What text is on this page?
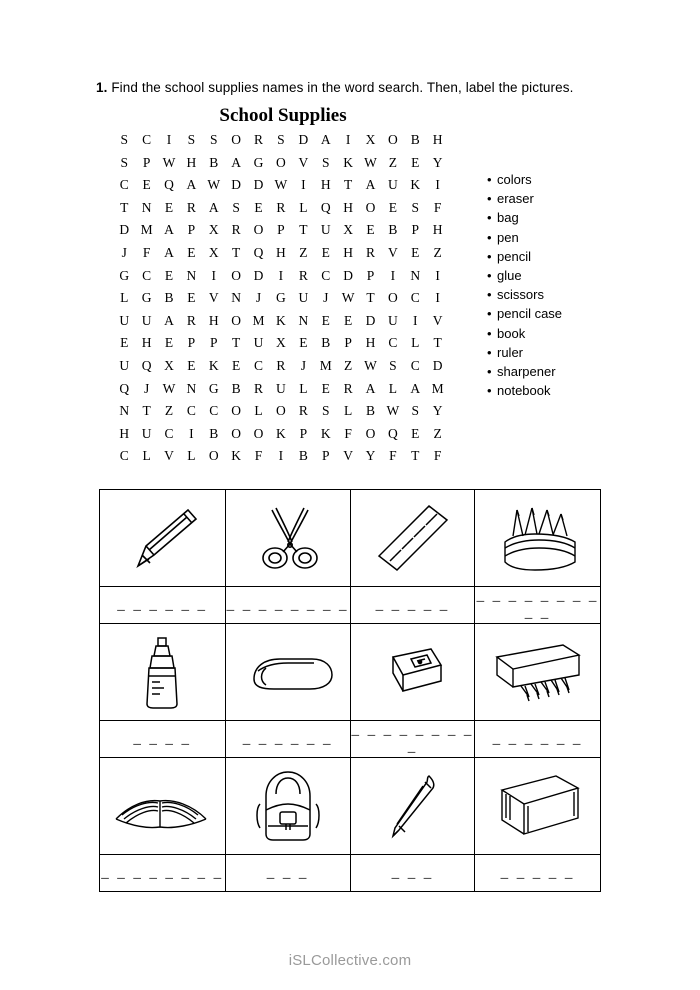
1. Find the school supplies names in the word search. Then, label the pictures.
School Supplies
S	C	I	S	S	O	R	S	D	A	I	X	O	B	H
S	P	W	H	B	A	G	O	V	S	K	W	Z	E	Y
C	E	Q	A	W	D	D	W	I	H	T	A	U	K	I
T	N	E	R	A	S	E	R	L	Q	H	O	E	S	F
D	M	A	P	X	R	O	P	T	U	X	E	B	P	H
J	F	A	E	X	T	Q	H	Z	E	H	R	V	E	Z
G	C	E	N	I	O	D	I	R	C	D	P	I	N	I
L	G	B	E	V	N	J	G	U	J	W	T	O	C	I
U	U	A	R	H	O	M	K	N	E	E	D	U	I	V
E	H	E	P	P	T	U	X	E	B	P	H	C	L	T
U	Q	X	E	K	E	C	R	J	M	Z	W	S	C	D
Q	J	W	N	G	B	R	U	L	E	R	A	L	A	M
N	T	Z	C	C	O	L	O	R	S	L	B	W	S	Y
H	U	C	I	B	O	O	K	P	K	F	O	Q	E	Z
C	L	V	L	O	K	F	I	B	P	V	Y	F	T	F
• colors
• eraser
• bag
• pen
• pencil
• glue
• scissors
• pencil case
• book
• ruler
• sharpener
• notebook

_ _ _ _ _ _	_ _ _ _ _ _ _ _	_ _ _ _ _	_ _ _ _ _ _ _ _ _ _

_ _ _ _	_ _ _ _ _ _	_ _ _ _ _ _ _ _ _	_ _ _ _ _ _

_ _ _ _ _ _ _ _	_ _ _	_ _ _	_ _ _ _ _
iSLCollective.com
